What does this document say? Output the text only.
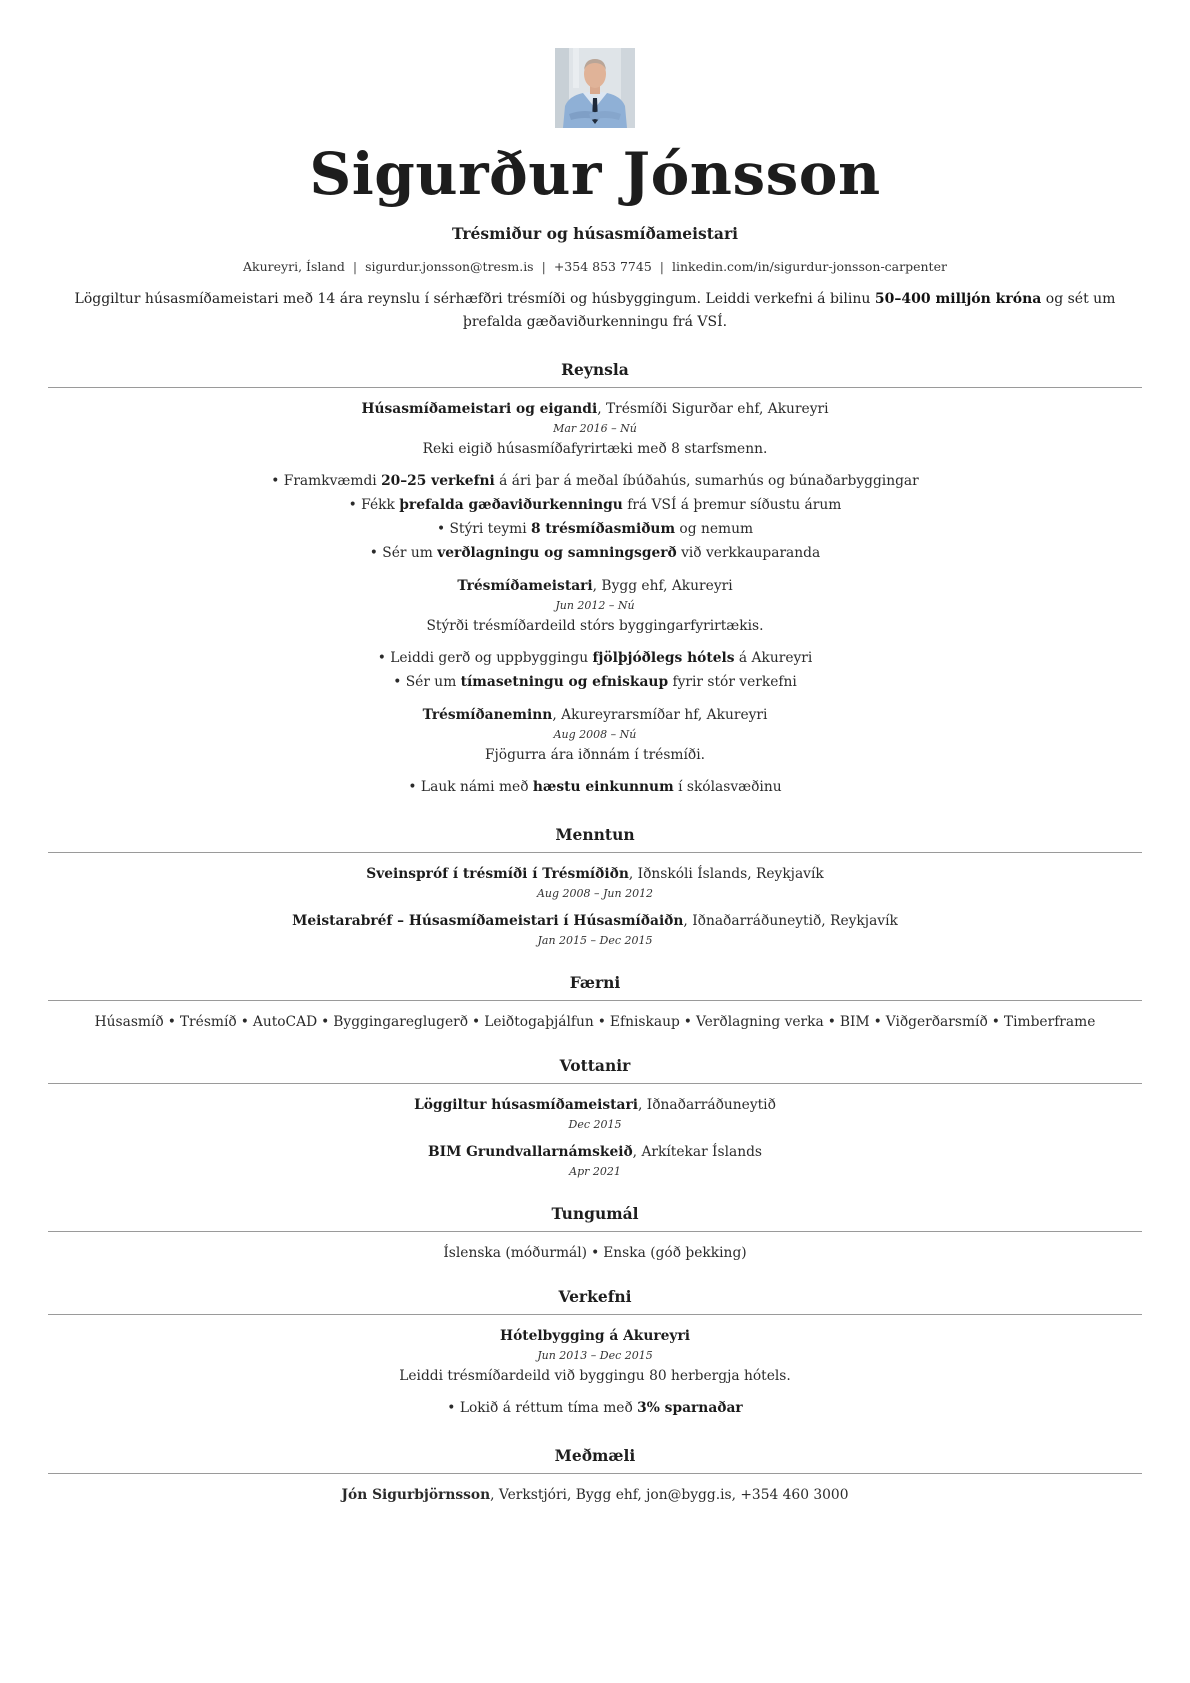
Sigurður Jónsson
Trésmiður og húsasmíðameistari
Akureyri, Ísland | sigurdur.jonsson@tresm.is | +354 853 7745 | linkedin.com/in/sigurdur-jonsson-carpenter

Löggiltur húsasmíðameistari með 14 ára reynslu í sérhæfðri trésmíði og húsbyggingum. Leiddi verkefni á bilinu 50–400 milljón króna og sét um þrefalda gæðaviðurkenningu frá VSÍ.

Reynsla
Húsasmíðameistari og eigandi, Trésmíði Sigurðar ehf, Akureyri
Mar 2016 – Nú
Reki eigið húsasmíðafyrirtæki með 8 starfsmenn.
• Framkvæmdi 20–25 verkefni á ári þar á meðal íbúðahús, sumarhús og búnaðarbyggingar
• Fékk þrefalda gæðaviðurkenningu frá VSÍ á þremur síðustu árum
• Stýri teymi 8 trésmíðasmiðum og nemum
• Sér um verðlagningu og samningsgerð við verkkauparanda
Trésmíðameistari, Bygg ehf, Akureyri
Jun 2012 – Nú
Stýrði trésmíðardeild stórs byggingarfyrirtækis.
• Leiddi gerð og uppbyggingu fjölþjóðlegs hótels á Akureyri
• Sér um tímasetningu og efniskaup fyrir stór verkefni
Trésmíðaneminn, Akureyrarsmíðar hf, Akureyri
Aug 2008 – Nú
Fjögurra ára iðnnám í trésmíði.
• Lauk námi með hæstu einkunnum í skólasvæðinu
Menntun
Sveinspróf í trésmíði í Trésmíðiðn, Iðnskóli Íslands, Reykjavík
Aug 2008 – Jun 2012
Meistarabréf – Húsasmíðameistari í Húsasmíðaiðn, Iðnaðarráðuneytið, Reykjavík
Jan 2015 – Dec 2015
Færni
Húsasmíð • Trésmíð • AutoCAD • Byggingareglugerð • Leiðtogaþjálfun • Efniskaup • Verðlagning verka • BIM • Viðgerðarsmíð • Timberframe
Vottanir
Löggiltur húsasmíðameistari, Iðnaðarráðuneytið
Dec 2015
BIM Grundvallarnámskeið, Arkítekar Íslands
Apr 2021
Tungumál
Íslenska (móðurmál) • Enska (góð þekking)
Verkefni
Hótelbygging á Akureyri
Jun 2013 – Dec 2015
Leiddi trésmíðardeild við byggingu 80 herbergja hótels.
• Lokið á réttum tíma með 3% sparnaðar
Meðmæli
Jón Sigurbjörnsson, Verkstjóri, Bygg ehf, jon@bygg.is, +354 460 3000
